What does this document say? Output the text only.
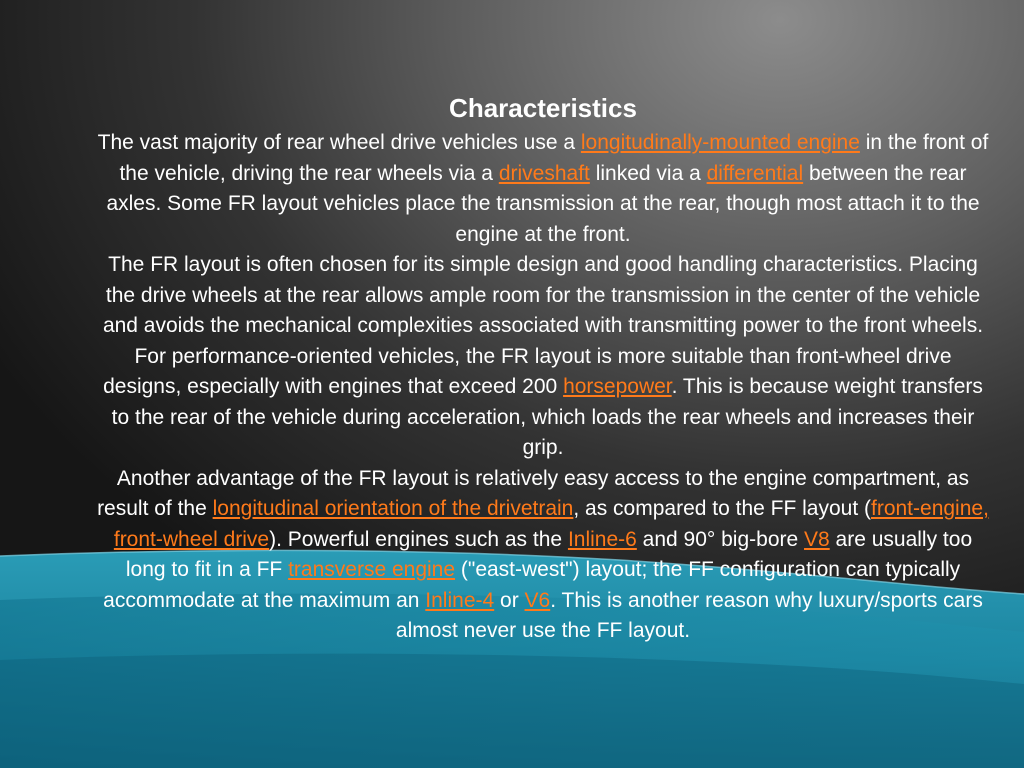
Characteristics

The vast majority of rear wheel drive vehicles use a longitudinally-mounted engine in the front of the vehicle, driving the rear wheels via a driveshaft linked via a differential between the rear axles. Some FR layout vehicles place the transmission at the rear, though most attach it to the engine at the front.

The FR layout is often chosen for its simple design and good handling characteristics. Placing the drive wheels at the rear allows ample room for the transmission in the center of the vehicle and avoids the mechanical complexities associated with transmitting power to the front wheels. For performance-oriented vehicles, the FR layout is more suitable than front-wheel drive designs, especially with engines that exceed 200 horsepower. This is because weight transfers to the rear of the vehicle during acceleration, which loads the rear wheels and increases their grip.

Another advantage of the FR layout is relatively easy access to the engine compartment, as result of the longitudinal orientation of the drivetrain, as compared to the FF layout (front-engine, front-wheel drive). Powerful engines such as the Inline-6 and 90° big-bore V8 are usually too long to fit in a FF transverse engine ("east-west") layout; the FF configuration can typically accommodate at the maximum an Inline-4 or V6. This is another reason why luxury/sports cars almost never use the FF layout.
